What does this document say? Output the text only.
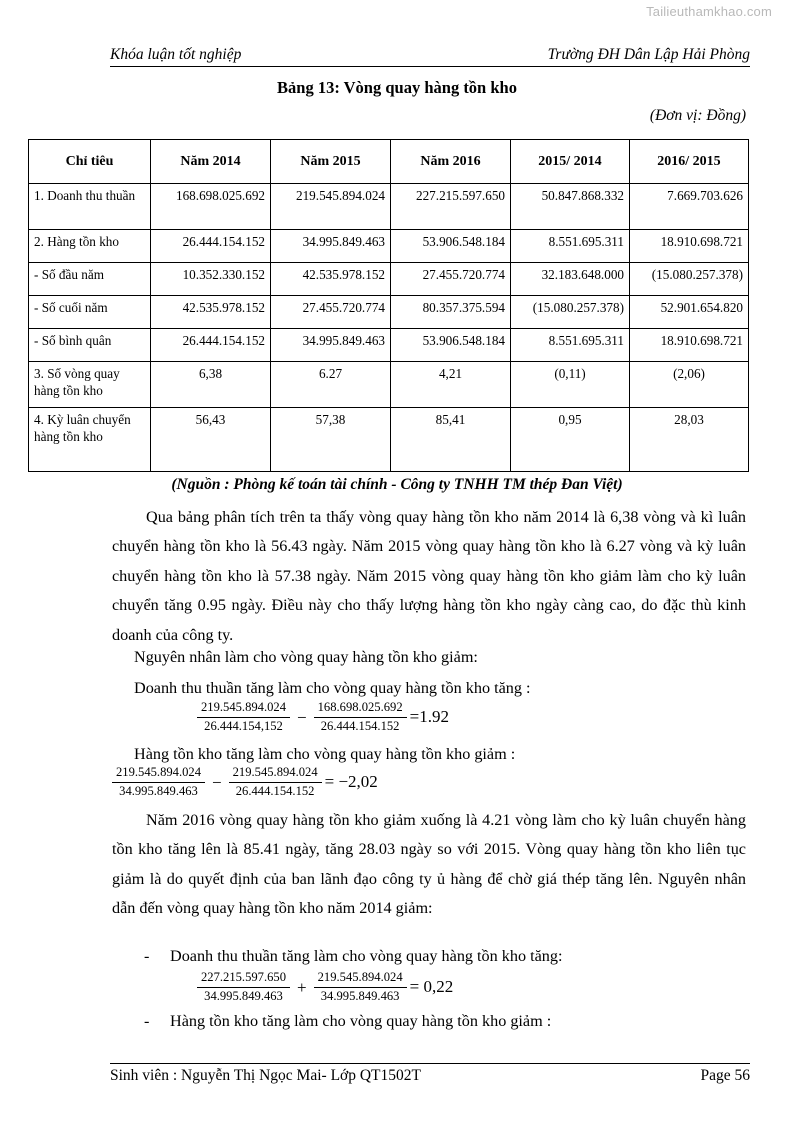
Tailieuthamkhao.com
Khóa luận tốt nghiệp	Trường ĐH Dân Lập Hải Phòng
Bảng 13: Vòng quay hàng tồn kho
(Đơn vị: Đồng)
Chỉ tiêu	Năm 2014	Năm 2015	Năm 2016	2015/ 2014	2016/ 2015
1. Doanh thu thuần	168.698.025.692	219.545.894.024	227.215.597.650	50.847.868.332	7.669.703.626
2. Hàng tồn kho	26.444.154.152	34.995.849.463	53.906.548.184	8.551.695.311	18.910.698.721
- Số đầu năm	10.352.330.152	42.535.978.152	27.455.720.774	32.183.648.000	(15.080.257.378)
- Số cuối năm	42.535.978.152	27.455.720.774	80.357.375.594	(15.080.257.378)	52.901.654.820
- Số bình quân	26.444.154.152	34.995.849.463	53.906.548.184	8.551.695.311	18.910.698.721
3. Số vòng quay hàng tồn kho	6,38	6.27	4,21	(0,11)	(2,06)
4. Kỳ luân chuyển hàng tồn kho	56,43	57,38	85,41	0,95	28,03
(Nguồn : Phòng kế toán tài chính - Công ty TNHH TM thép Đan Việt)

Qua bảng phân tích trên ta thấy vòng quay hàng tồn kho năm 2014 là 6,38 vòng và kì luân chuyển hàng tồn kho là 56.43 ngày. Năm 2015 vòng quay hàng tồn kho là 6.27 vòng và kỳ luân chuyển hàng tồn kho là 57.38 ngày. Năm 2015 vòng quay hàng tồn kho giảm làm cho kỳ luân chuyển tăng 0.95 ngày. Điều này cho thấy lượng hàng tồn kho ngày càng cao, do đặc thù kinh doanh của công ty.

Nguyên nhân làm cho vòng quay hàng tồn kho giảm:

Doanh thu thuần tăng làm cho vòng quay hàng tồn kho tăng :

$\frac{219.545.894.024}{26.444.154,152} - \frac{168.698.025.692}{26.444.154.152} =1.92$

Hàng tồn kho tăng làm cho vòng quay hàng tồn kho giảm :

$\frac{219.545.894.024}{34.995.849.463} - \frac{219.545.894.024}{26.444.154.152} = -2,02$

Năm 2016 vòng quay hàng tồn kho giảm xuống là 4.21 vòng làm cho kỳ luân chuyển hàng tồn kho tăng lên là 85.41 ngày, tăng 28.03 ngày so với 2015. Vòng quay hàng tồn kho liên tục giảm là do quyết định của ban lãnh đạo công ty ủ hàng để chờ giá thép tăng lên. Nguyên nhân dẫn đến vòng quay hàng tồn kho năm 2014 giảm:

-	Doanh thu thuần tăng làm cho vòng quay hàng tồn kho tăng:
$\frac{227.215.597.650}{34.995.849.463} + \frac{219.545.894.024}{34.995.849.463} = 0,22$
-	Hàng tồn kho tăng làm cho vòng quay hàng tồn kho giảm :
Sinh viên : Nguyễn Thị Ngọc Mai- Lớp QT1502T	Page 56
